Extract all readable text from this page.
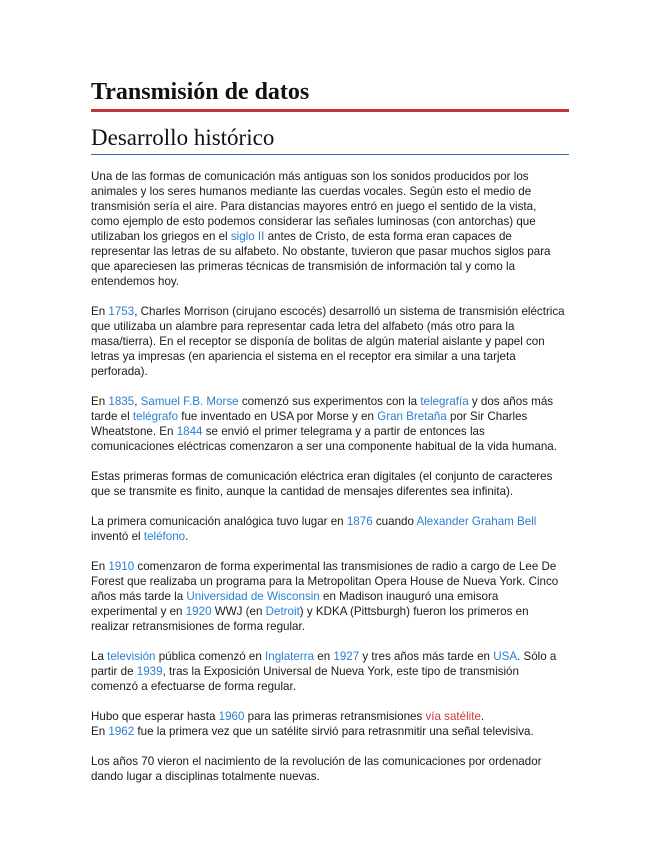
Transmisión de datos
Desarrollo histórico

Una de las formas de comunicación más antiguas son los sonidos producidos por los animales y los seres humanos mediante las cuerdas vocales. Según esto el medio de transmisión sería el aire. Para distancias mayores entró en juego el sentido de la vista, como ejemplo de esto podemos considerar las señales luminosas (con antorchas) que utilizaban los griegos en el siglo II antes de Cristo, de esta forma eran capaces de representar las letras de su alfabeto. No obstante, tuvieron que pasar muchos siglos para que apareciesen las primeras técnicas de transmisión de información tal y como la entendemos hoy.

En 1753, Charles Morrison (cirujano escocés) desarrolló un sistema de transmisión eléctrica que utilizaba un alambre para representar cada letra del alfabeto (más otro para la masa/tierra). En el receptor se disponía de bolitas de algún material aislante y papel con letras ya impresas (en apariencia el sistema en el receptor era similar a una tarjeta perforada).

En 1835, Samuel F.B. Morse comenzó sus experimentos con la telegrafía y dos años más tarde el telégrafo fue inventado en USA por Morse y en Gran Bretaña por Sir Charles Wheatstone. En 1844 se envió el primer telegrama y a partir de entonces las comunicaciones eléctricas comenzaron a ser una componente habitual de la vida humana.

Estas primeras formas de comunicación eléctrica eran digitales (el conjunto de caracteres que se transmite es finito, aunque la cantidad de mensajes diferentes sea infinita).

La primera comunicación analógica tuvo lugar en 1876 cuando Alexander Graham Bell inventó el teléfono.

En 1910 comenzaron de forma experimental las transmisiones de radio a cargo de Lee De Forest que realizaba un programa para la Metropolitan Opera House de Nueva York. Cinco años más tarde la Universidad de Wisconsin en Madison inauguró una emisora experimental y en 1920 WWJ (en Detroit) y KDKA (Pittsburgh) fueron los primeros en realizar retransmisiones de forma regular.

La televisión pública comenzó en Inglaterra en 1927 y tres años más tarde en USA. Sólo a partir de 1939, tras la Exposición Universal de Nueva York, este tipo de transmisión comenzó a efectuarse de forma regular.

Hubo que esperar hasta 1960 para las primeras retransmisiones vía satélite.
En 1962 fue la primera vez que un satélite sirvió para retrasnmitir una señal televisiva.

Los años 70 vieron el nacimiento de la revolución de las comunicaciones por ordenador dando lugar a disciplinas totalmente nuevas.
